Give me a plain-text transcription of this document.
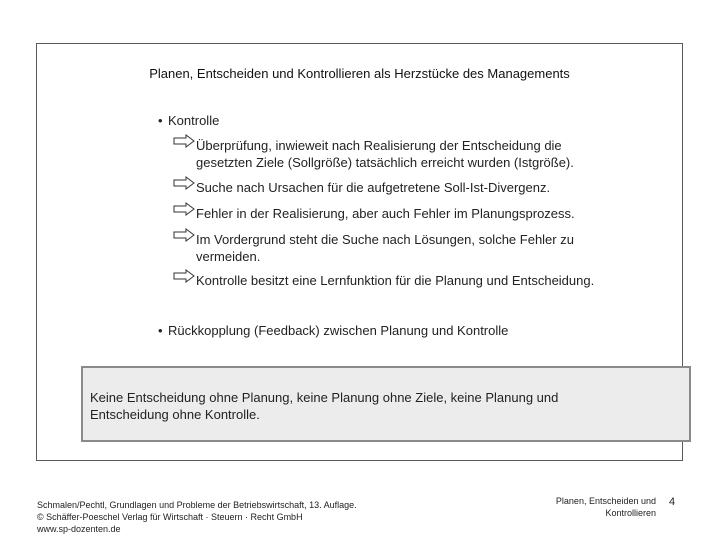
Planen, Entscheiden und Kontrollieren als Herzstücke des Managements
• Kontrolle
Überprüfung, inwieweit nach Realisierung der Entscheidung die
gesetzten Ziele (Sollgröße) tatsächlich erreicht wurden (Istgröße).
Suche nach Ursachen für die aufgetretene Soll-Ist-Divergenz.
Fehler in der Realisierung, aber auch Fehler im Planungsprozess.
Im Vordergrund steht die Suche nach Lösungen, solche Fehler zu
vermeiden.
Kontrolle besitzt eine Lernfunktion für die Planung und Entscheidung.
• Rückkopplung (Feedback) zwischen Planung und Kontrolle
Keine Entscheidung ohne Planung, keine Planung ohne Ziele, keine Planung und
Entscheidung ohne Kontrolle.
Schmalen/Pechtl, Grundlagen und Probleme der Betriebswirtschaft, 13. Auflage.
© Schäffer-Poeschel Verlag für Wirtschaft · Steuern · Recht GmbH
www.sp-dozenten.de
Planen, Entscheiden und
Kontrollieren
4
